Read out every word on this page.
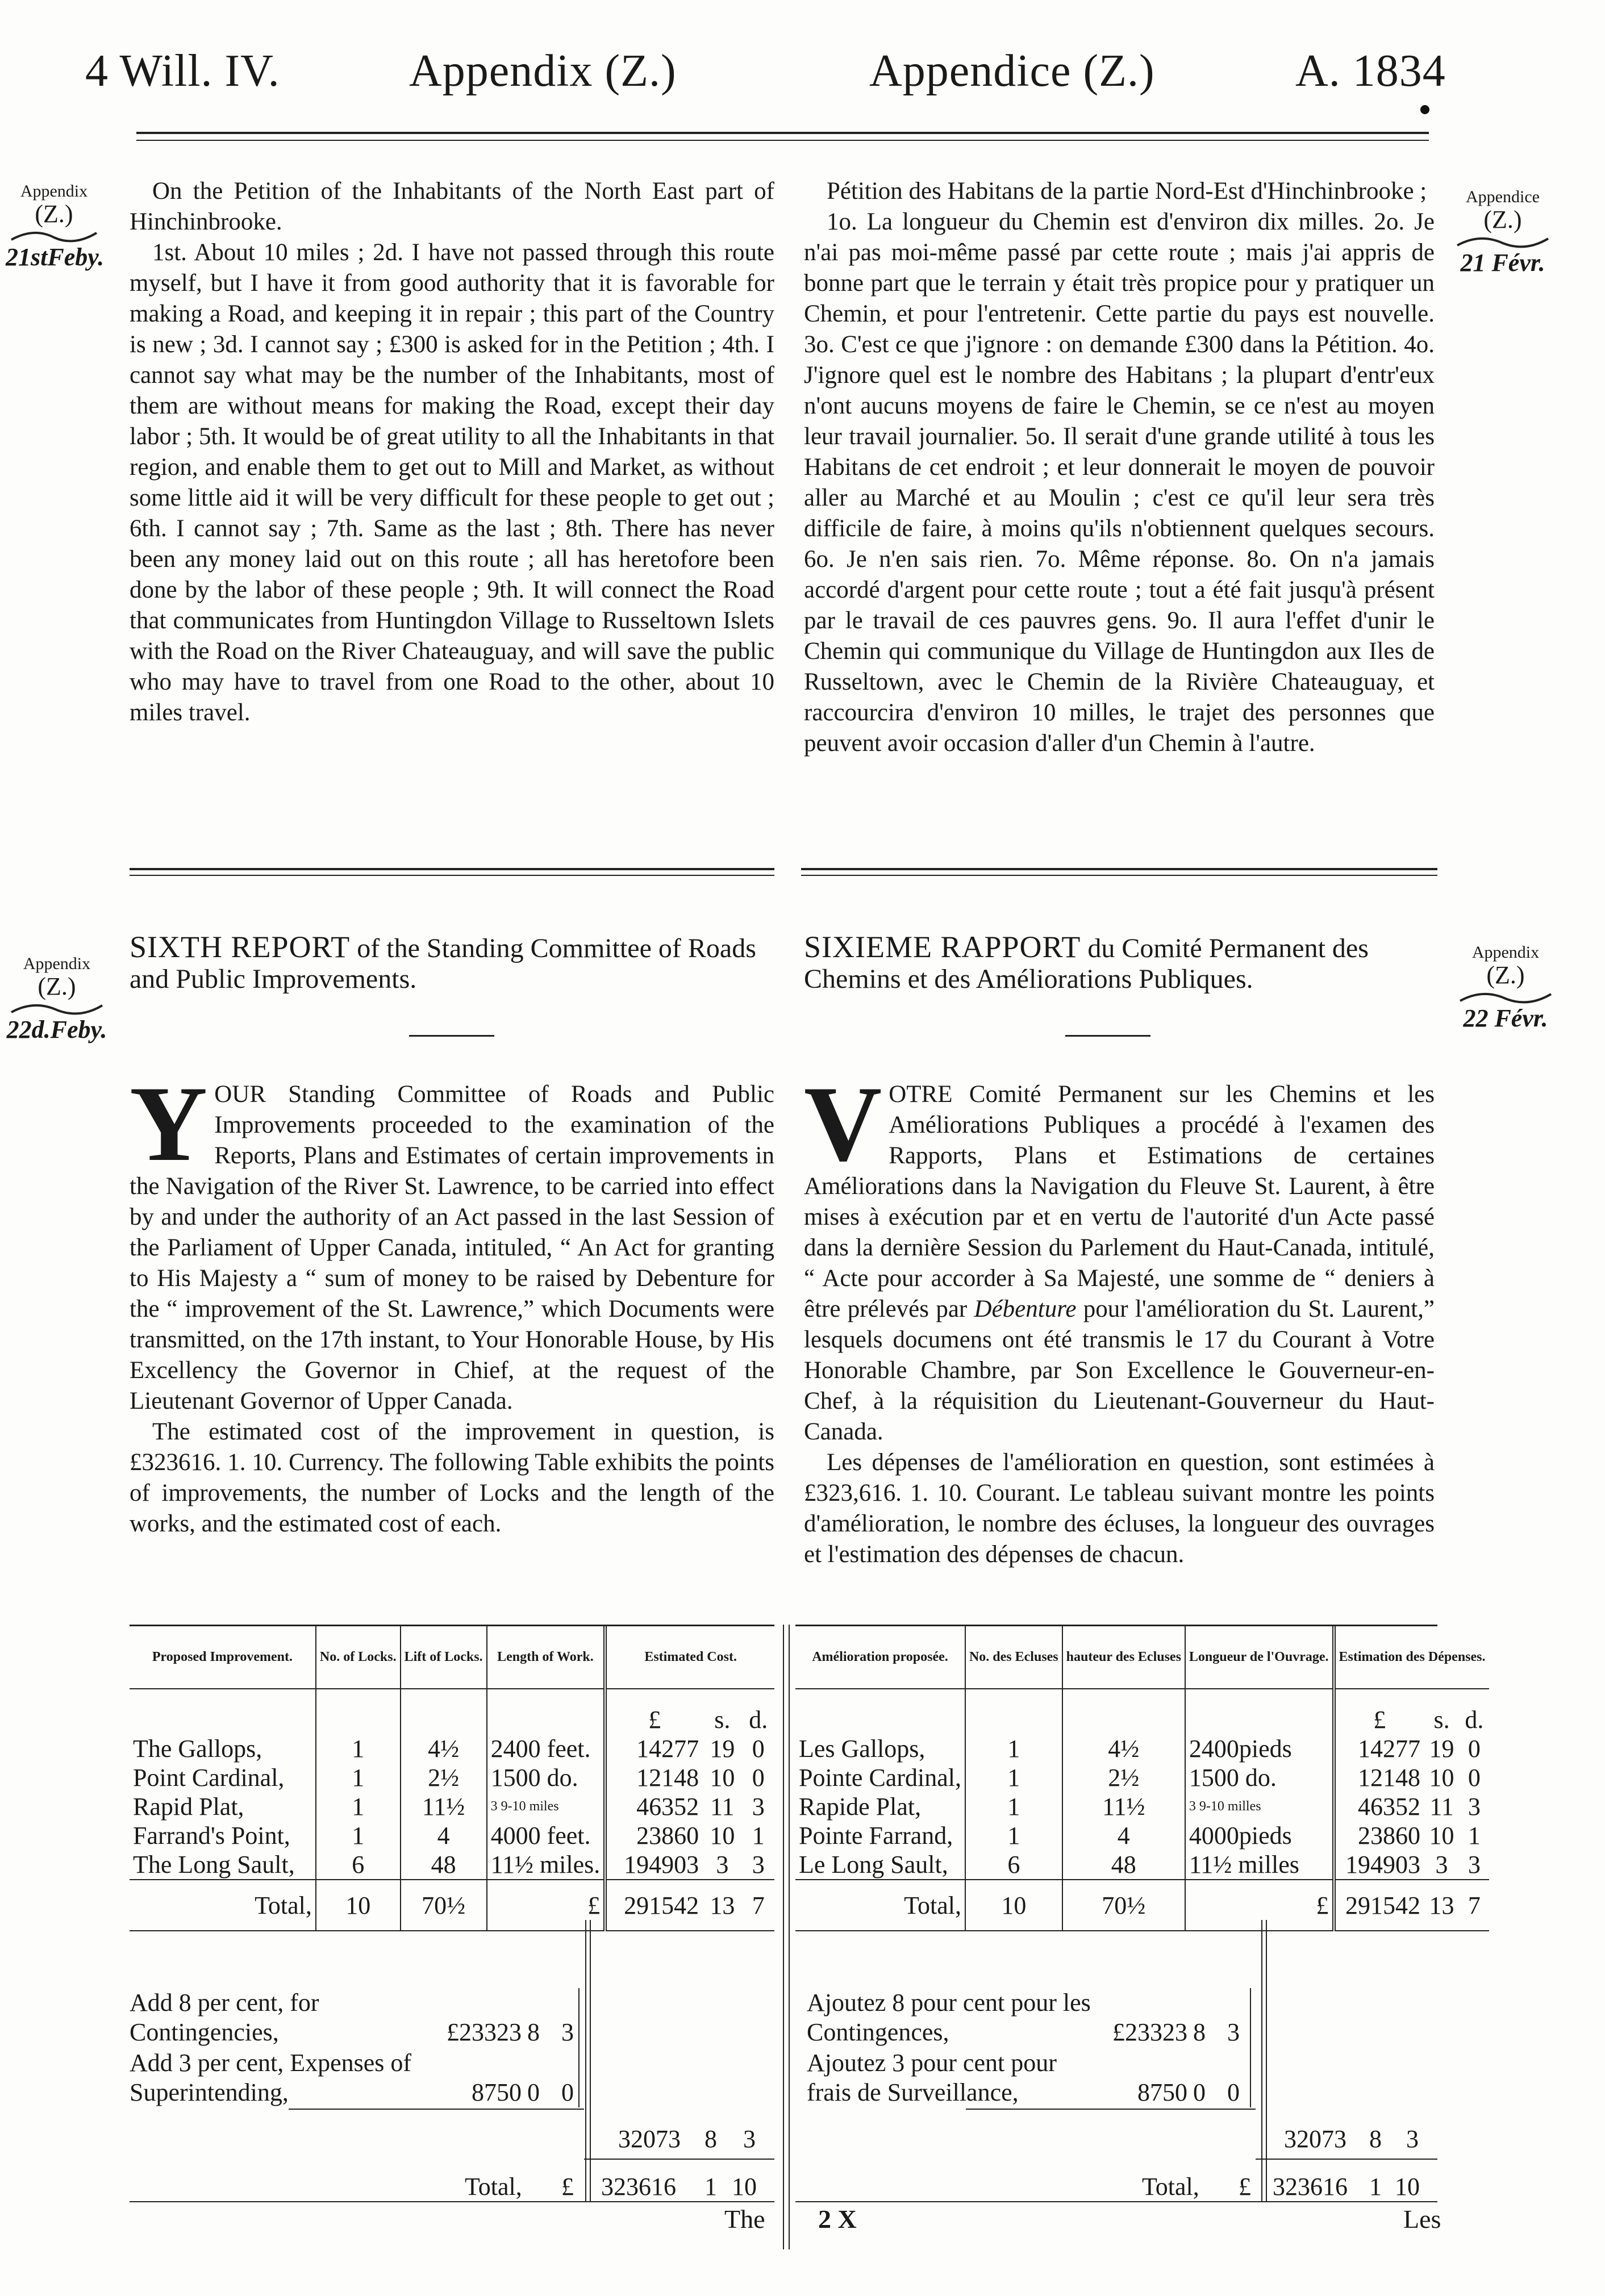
4 Will. IV.	Appendix (Z.)	Appendice (Z.)	A. 1834
Appendix
(Z.)
21stFeby.
Appendice
(Z.)
21 Févr.

On the Petition of the Inhabitants of the North East part of Hinchinbrooke.

1st. About 10 miles ; 2d. I have not passed through this route myself, but I have it from good authority that it is favorable for making a Road, and keeping it in repair ; this part of the Country is new ; 3d. I cannot say ; £300 is asked for in the Petition ; 4th. I cannot say what may be the number of the Inhabitants, most of them are without means for making the Road, except their day labor ; 5th. It would be of great utility to all the Inhabitants in that region, and enable them to get out to Mill and Market, as without some little aid it will be very difficult for these people to get out ; 6th. I cannot say ; 7th. Same as the last ; 8th. There has never been any money laid out on this route ; all has heretofore been done by the labor of these people ; 9th. It will connect the Road that communicates from Huntingdon Village to Russeltown Islets with the Road on the River Chateauguay, and will save the public who may have to travel from one Road to the other, about 10 miles travel.

Pétition des Habitans de la partie Nord-Est d'Hinchinbrooke ;

1o. La longueur du Chemin est d'environ dix milles. 2o. Je n'ai pas moi-même passé par cette route ; mais j'ai appris de bonne part que le terrain y était très propice pour y pratiquer un Chemin, et pour l'entretenir. Cette partie du pays est nouvelle. 3o. C'est ce que j'ignore : on demande £300 dans la Pétition. 4o. J'ignore quel est le nombre des Habitans ; la plupart d'entr'eux n'ont aucuns moyens de faire le Chemin, se ce n'est au moyen leur travail journalier. 5o. Il serait d'une grande utilité à tous les Habitans de cet endroit ; et leur donnerait le moyen de pouvoir aller au Marché et au Moulin ; c'est ce qu'il leur sera très difficile de faire, à moins qu'ils n'obtiennent quelques secours. 6o. Je n'en sais rien. 7o. Même réponse. 8o. On n'a jamais accordé d'argent pour cette route ; tout a été fait jusqu'à présent par le travail de ces pauvres gens. 9o. Il aura l'effet d'unir le Chemin qui communique du Village de Huntingdon aux Iles de Russeltown, avec le Chemin de la Rivière Chateauguay, et raccourcira d'environ 10 milles, le trajet des personnes que peuvent avoir occasion d'aller d'un Chemin à l'autre.

Appendix
(Z.)
22d.Feby.
Appendix
(Z.)
22 Févr.

SIXTH REPORT of the Standing Committee of Roads and Public Improvements.

SIXIEME RAPPORT du Comité Permanent des Chemins et des Améliorations Publiques.

YOUR Standing Committee of Roads and Public Improvements proceeded to the examination of the Reports, Plans and Estimates of certain improvements in the Navigation of the River St. Lawrence, to be carried into effect by and under the authority of an Act passed in the last Session of the Parliament of Upper Canada, intituled, “ An Act for granting to His Majesty a “ sum of money to be raised by Debenture for the “ improvement of the St. Lawrence,” which Documents were transmitted, on the 17th instant, to Your Honorable House, by His Excellency the Governor in Chief, at the request of the Lieutenant Governor of Upper Canada.

The estimated cost of the improvement in question, is £323616. 1. 10. Currency. The following Table exhibits the points of improvements, the number of Locks and the length of the works, and the estimated cost of each.

VOTRE Comité Permanent sur les Chemins et les Améliorations Publiques a procédé à l'examen des Rapports, Plans et Estimations de certaines Améliorations dans la Navigation du Fleuve St. Laurent, à être mises à exécution par et en vertu de l'autorité d'un Acte passé dans la dernière Session du Parlement du Haut-Canada, intitulé, “ Acte pour accorder à Sa Majesté, une somme de “ deniers à être prélevés par Débenture pour l'amélioration du St. Laurent,” lesquels documens ont été transmis le 17 du Courant à Votre Honorable Chambre, par Son Excellence le Gouverneur-en-Chef, à la réquisition du Lieutenant-Gouverneur du Haut-Canada.

Les dépenses de l'amélioration en question, sont estimées à £323,616. 1. 10. Courant. Le tableau suivant montre les points d'amélioration, le nombre des écluses, la longueur des ouvrages et l'estimation des dépenses de chacun.

Proposed Improvement.	No. of Locks.	Lift of Locks.	Length of Work.	Estimated Cost.		
				£	s.	d.
The Gallops,	1	4½	2400 feet.	14277	19	0
Point Cardinal,	1	2½	1500 do.	12148	10	0
Rapid Plat,	1	11½	3 9-10 miles	46352	11	3
Farrand's Point,	1	4	4000 feet.	23860	10	1
The Long Sault,	6	48	11½ miles.	194903	3	3
Total,	10	70½	£	291542	13	7
Add 8 per cent, for Contingencies,	£23323 8 3
Add 3 per cent, Expenses of Superintending,	8750 0 0
32073 8 3
Total, £ 323616 1 10
Amélioration proposée.	No. des Ecluses	hauteur des Ecluses	Longueur de l'Ouvrage.	Estimation des Dépenses.		
				£	s.	d.
Les Gallops,	1	4½	2400pieds	14277	19	0
Pointe Cardinal,	1	2½	1500 do.	12148	10	0
Rapide Plat,	1	11½	3 9-10 milles	46352	11	3
Pointe Farrand,	1	4	4000pieds	23860	10	1
Le Long Sault,	6	48	11½ milles	194903	3	3
Total,	10	70½	£	291542	13	7
Ajoutez 8 pour cent pour les Contingences,	£23323 8 3
Ajoutez 3 pour cent pour frais de Surveillance,	8750 0 0
32073 8 3
Total, £ 323616 1 10
The 2 X	Les
